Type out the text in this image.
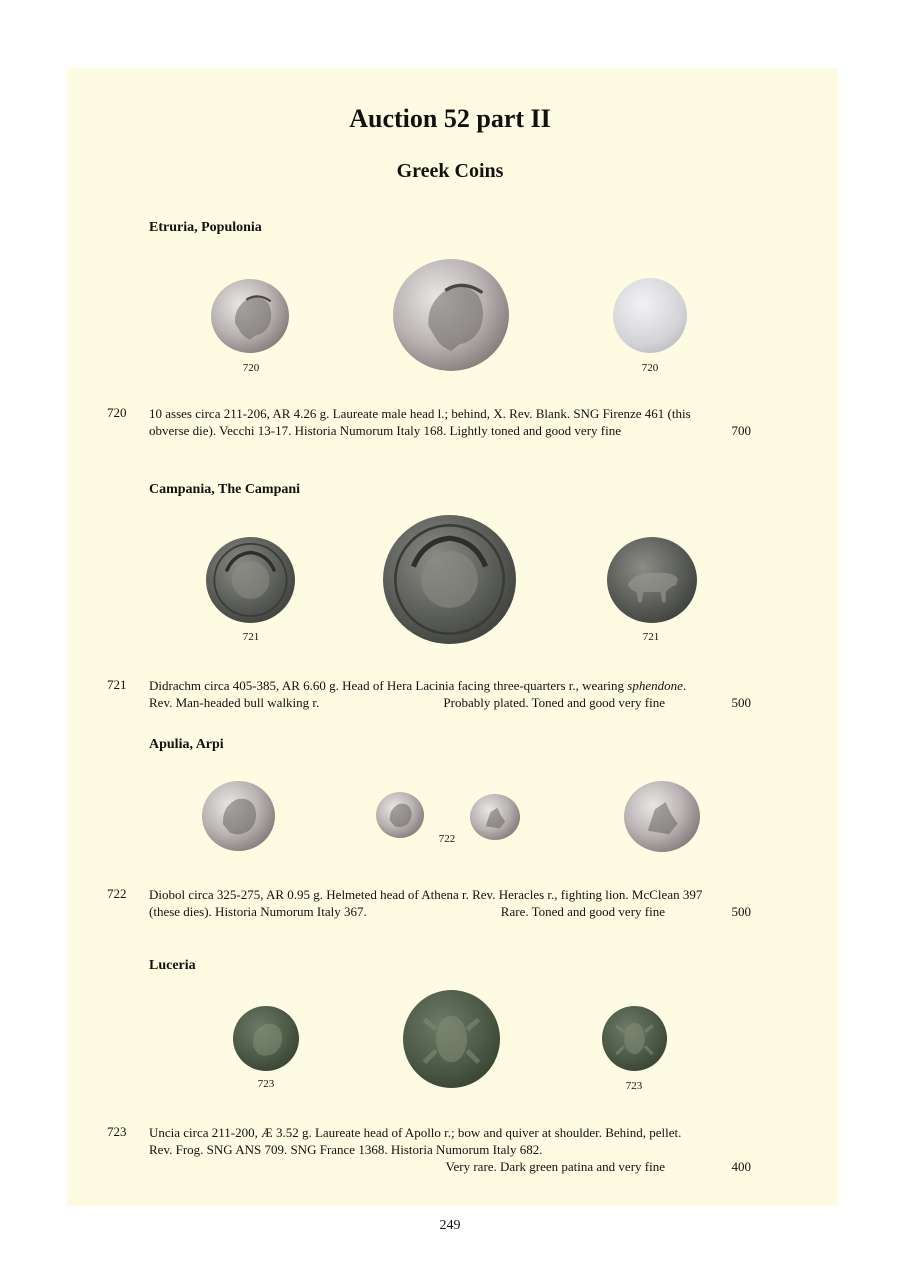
Auction 52 part II
Greek Coins
Etruria, Populonia
720	720
720 10 asses circa 211-206, AR 4.26 g. Laureate male head l.; behind, X. Rev. Blank. SNG Firenze 461 (this
obverse die). Vecchi 13-17. Historia Numorum Italy 168. Lightly toned and good very fine	700
Campania, The Campani
721	721
721 Didrachm circa 405-385, AR 6.60 g. Head of Hera Lacinia facing three-quarters r., wearing sphendone.
Rev. Man-headed bull walking r.	Probably plated. Toned and good very fine	500
Apulia, Arpi
722
722 Diobol circa 325-275, AR 0.95 g. Helmeted head of Athena r. Rev. Heracles r., fighting lion. McClean 397
(these dies). Historia Numorum Italy 367.	Rare. Toned and good very fine	500
Luceria
723	723
723 Uncia circa 211-200, Æ 3.52 g. Laureate head of Apollo r.; bow and quiver at shoulder. Behind, pellet.
Rev. Frog. SNG ANS 709. SNG France 1368. Historia Numorum Italy 682.
Very rare. Dark green patina and very fine	400
249
